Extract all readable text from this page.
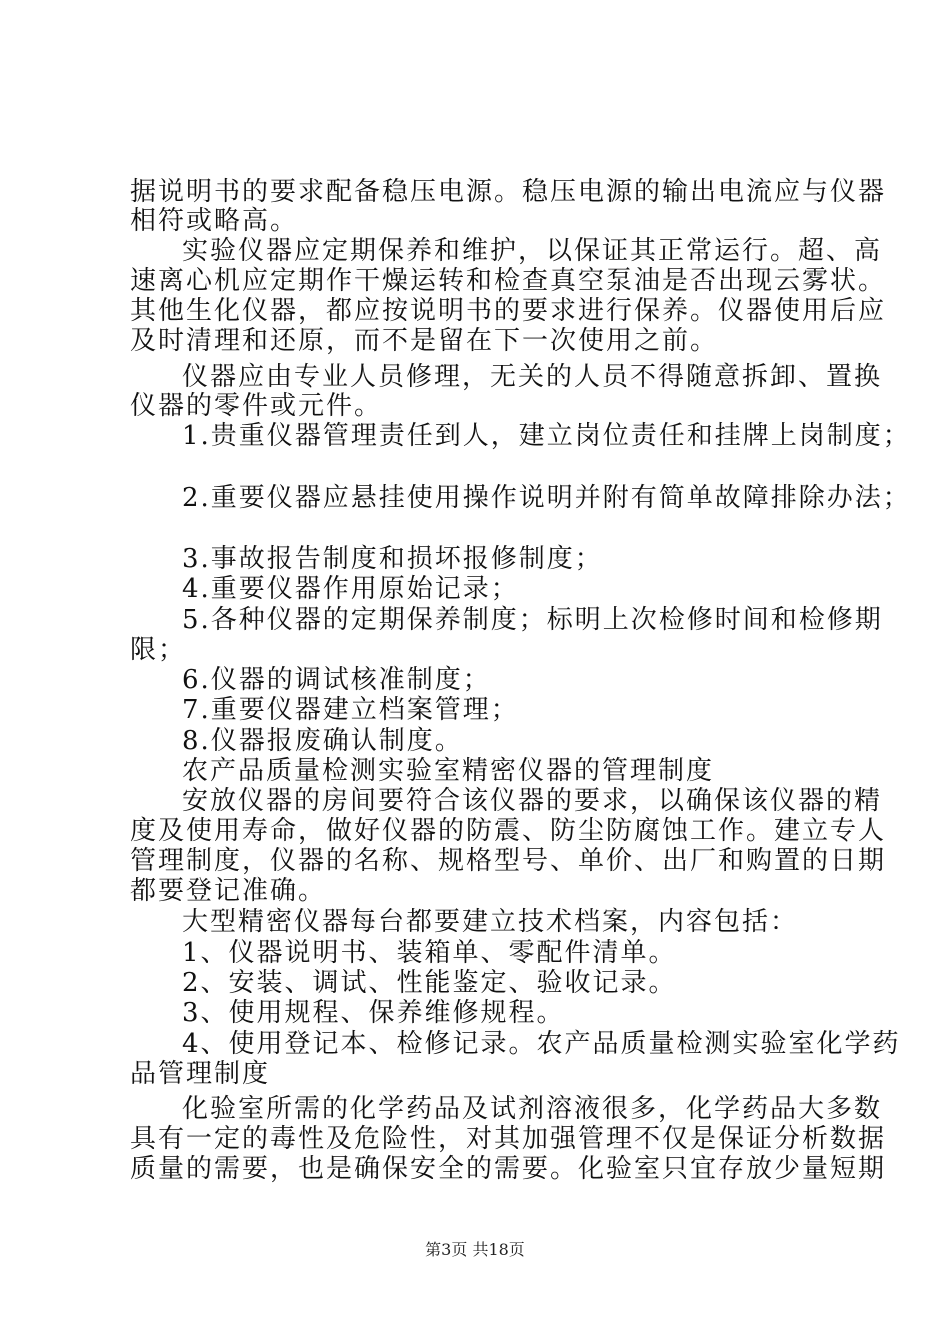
据说明书的要求配备稳压电源。稳压电源的输出电流应与仪器
相符或略高。
实验仪器应定期保养和维护，以保证其正常运行。超、高
速离心机应定期作干燥运转和检查真空泵油是否出现云雾状。
其他生化仪器，都应按说明书的要求进行保养。仪器使用后应
及时清理和还原，而不是留在下一次使用之前。
仪器应由专业人员修理，无关的人员不得随意拆卸、置换
仪器的零件或元件。
1.贵重仪器管理责任到人，建立岗位责任和挂牌上岗制度；
2.重要仪器应悬挂使用操作说明并附有简单故障排除办法；
3.事故报告制度和损坏报修制度；
4.重要仪器作用原始记录；
5.各种仪器的定期保养制度；标明上次检修时间和检修期
限；
6.仪器的调试核准制度；
7.重要仪器建立档案管理；
8.仪器报废确认制度。
农产品质量检测实验室精密仪器的管理制度
安放仪器的房间要符合该仪器的要求，以确保该仪器的精
度及使用寿命，做好仪器的防震、防尘防腐蚀工作。建立专人
管理制度，仪器的名称、规格型号、单价、出厂和购置的日期
都要登记准确。
大型精密仪器每台都要建立技术档案，内容包括：
1、仪器说明书、装箱单、零配件清单。
2、安装、调试、性能鉴定、验收记录。
3、使用规程、保养维修规程。
4、使用登记本、检修记录。农产品质量检测实验室化学药
品管理制度
化验室所需的化学药品及试剂溶液很多，化学药品大多数
具有一定的毒性及危险性，对其加强管理不仅是保证分析数据
质量的需要，也是确保安全的需要。化验室只宜存放少量短期
第3页 共18页
